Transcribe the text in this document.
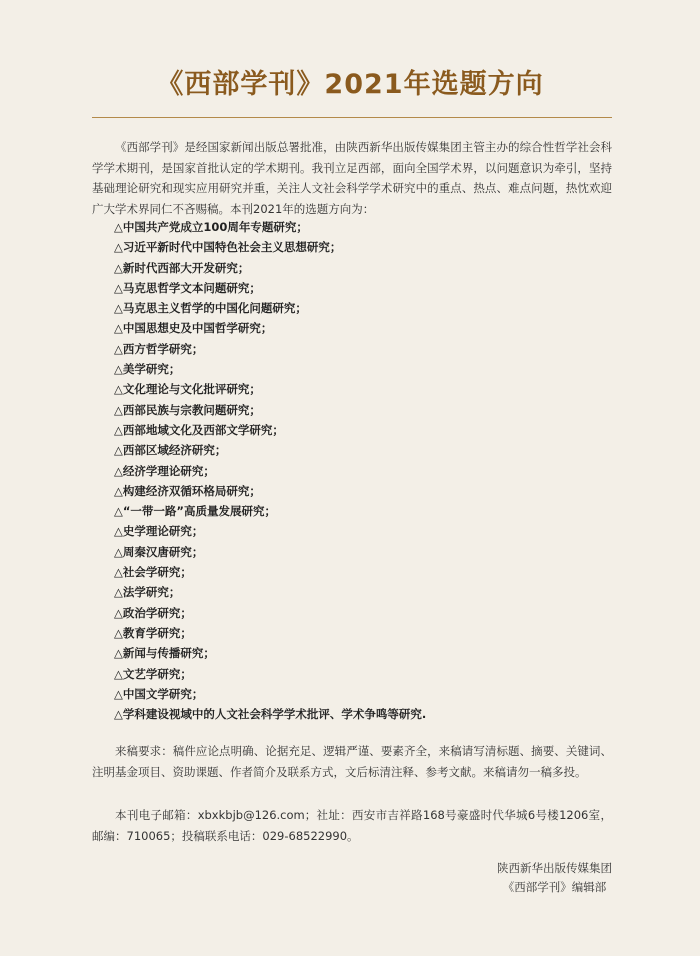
《西部学刊》2021年选题方向
《西部学刊》是经国家新闻出版总署批准，由陕西新华出版传媒集团主管主办的综合性哲学社会科学学术期刊，是国家首批认定的学术期刊。我刊立足西部，面向全国学术界，以问题意识为牵引，坚持基础理论研究和现实应用研究并重，关注人文社会科学学术研究中的重点、热点、难点问题，热忱欢迎广大学术界同仁不吝赐稿。本刊2021年的选题方向为：
△中国共产党成立100周年专题研究；
△习近平新时代中国特色社会主义思想研究；
△新时代西部大开发研究；
△马克思哲学文本问题研究；
△马克思主义哲学的中国化问题研究；
△中国思想史及中国哲学研究；
△西方哲学研究；
△美学研究；
△文化理论与文化批评研究；
△西部民族与宗教问题研究；
△西部地域文化及西部文学研究；
△西部区域经济研究；
△经济学理论研究；
△构建经济双循环格局研究；
△“一带一路”高质量发展研究；
△史学理论研究；
△周秦汉唐研究；
△社会学研究；
△法学研究；
△政治学研究；
△教育学研究；
△新闻与传播研究；
△文艺学研究；
△中国文学研究；
△学科建设视域中的人文社会科学学术批评、学术争鸣等研究.
来稿要求：稿件应论点明确、论据充足、逻辑严谨、要素齐全，来稿请写清标题、摘要、关键词、注明基金项目、资助课题、作者简介及联系方式，文后标清注释、参考文献。来稿请勿一稿多投。
本刊电子邮箱：xbxkbjb@126.com；社址：西安市吉祥路168号豪盛时代华城6号楼1206室，邮编：710065；投稿联系电话：029-68522990。
陕西新华出版传媒集团
《西部学刊》编辑部
